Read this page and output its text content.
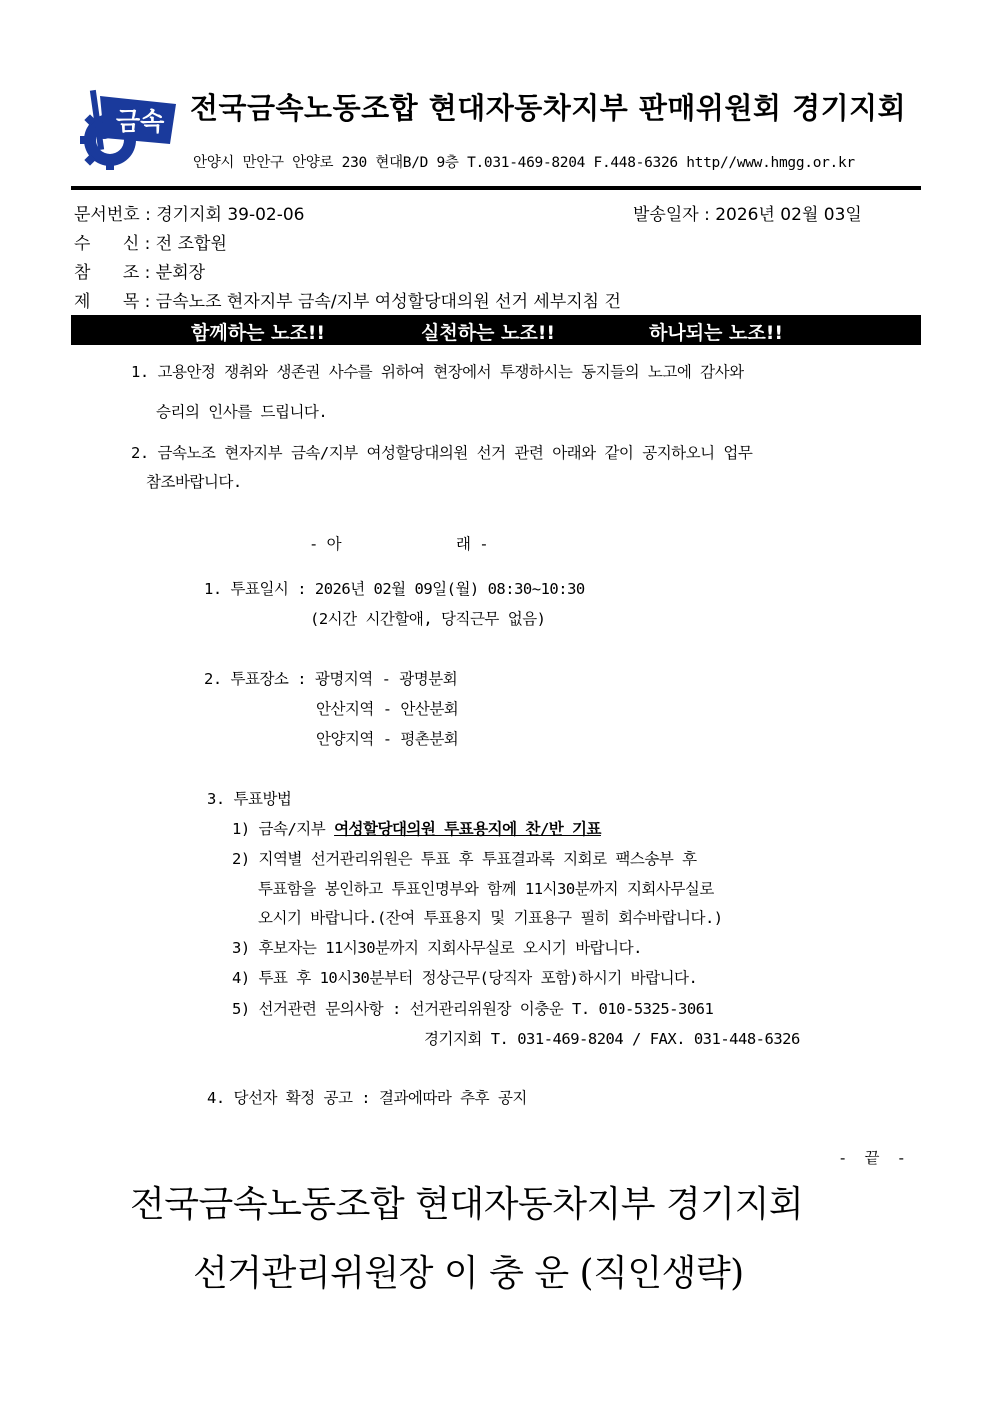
금속 전국금속노동조합 현대자동차지부 판매위원회 경기지회
안양시 만안구 안양로 230 현대B/D 9층 T.031-469-8204 F.448-6326 http//www.hmgg.or.kr
문서번호 : 경기지회 39-02-06	발송일자 : 2026년 02월 03일
수      신 : 전 조합원
참      조 : 분회장
제      목 : 금속노조 현자지부 금속/지부 여성할당대의원 선거 세부지침 건
함께하는 노조!!	실천하는 노조!!	하나되는 노조!!
1. 고용안정 쟁취와 생존권 사수를 위하여 현장에서 투쟁하시는 동지들의 노고에 감사와
승리의 인사를 드립니다.
2. 금속노조 현자지부 금속/지부 여성할당대의원 선거 관련 아래와 같이 공지하오니 업무
참조바랍니다.
- 아             래 -
1. 투표일시 : 2026년 02월 09일(월) 08:30~10:30
(2시간 시간할애, 당직근무 없음)
2. 투표장소 : 광명지역 - 광명분회
안산지역 - 안산분회
안양지역 - 평촌분회
3. 투표방법
1) 금속/지부 여성할당대의원 투표용지에 찬/반 기표
2) 지역별 선거관리위원은 투표 후 투표결과록 지회로 팩스송부 후
투표함을 봉인하고 투표인명부와 함께 11시30분까지 지회사무실로
오시기 바랍니다.(잔여 투표용지 및 기표용구 필히 회수바랍니다.)
3) 후보자는 11시30분까지 지회사무실로 오시기 바랍니다.
4) 투표 후 10시30분부터 정상근무(당직자 포함)하시기 바랍니다.
5) 선거관련 문의사항 : 선거관리위원장 이충운 T. 010-5325-3061
경기지회 T. 031-469-8204 / FAX. 031-448-6326
4. 당선자 확정 공고 : 결과에따라 추후 공지
-  끝  -
전국금속노동조합 현대자동차지부 경기지회
선거관리위원장 이 충 운 (직인생략)
